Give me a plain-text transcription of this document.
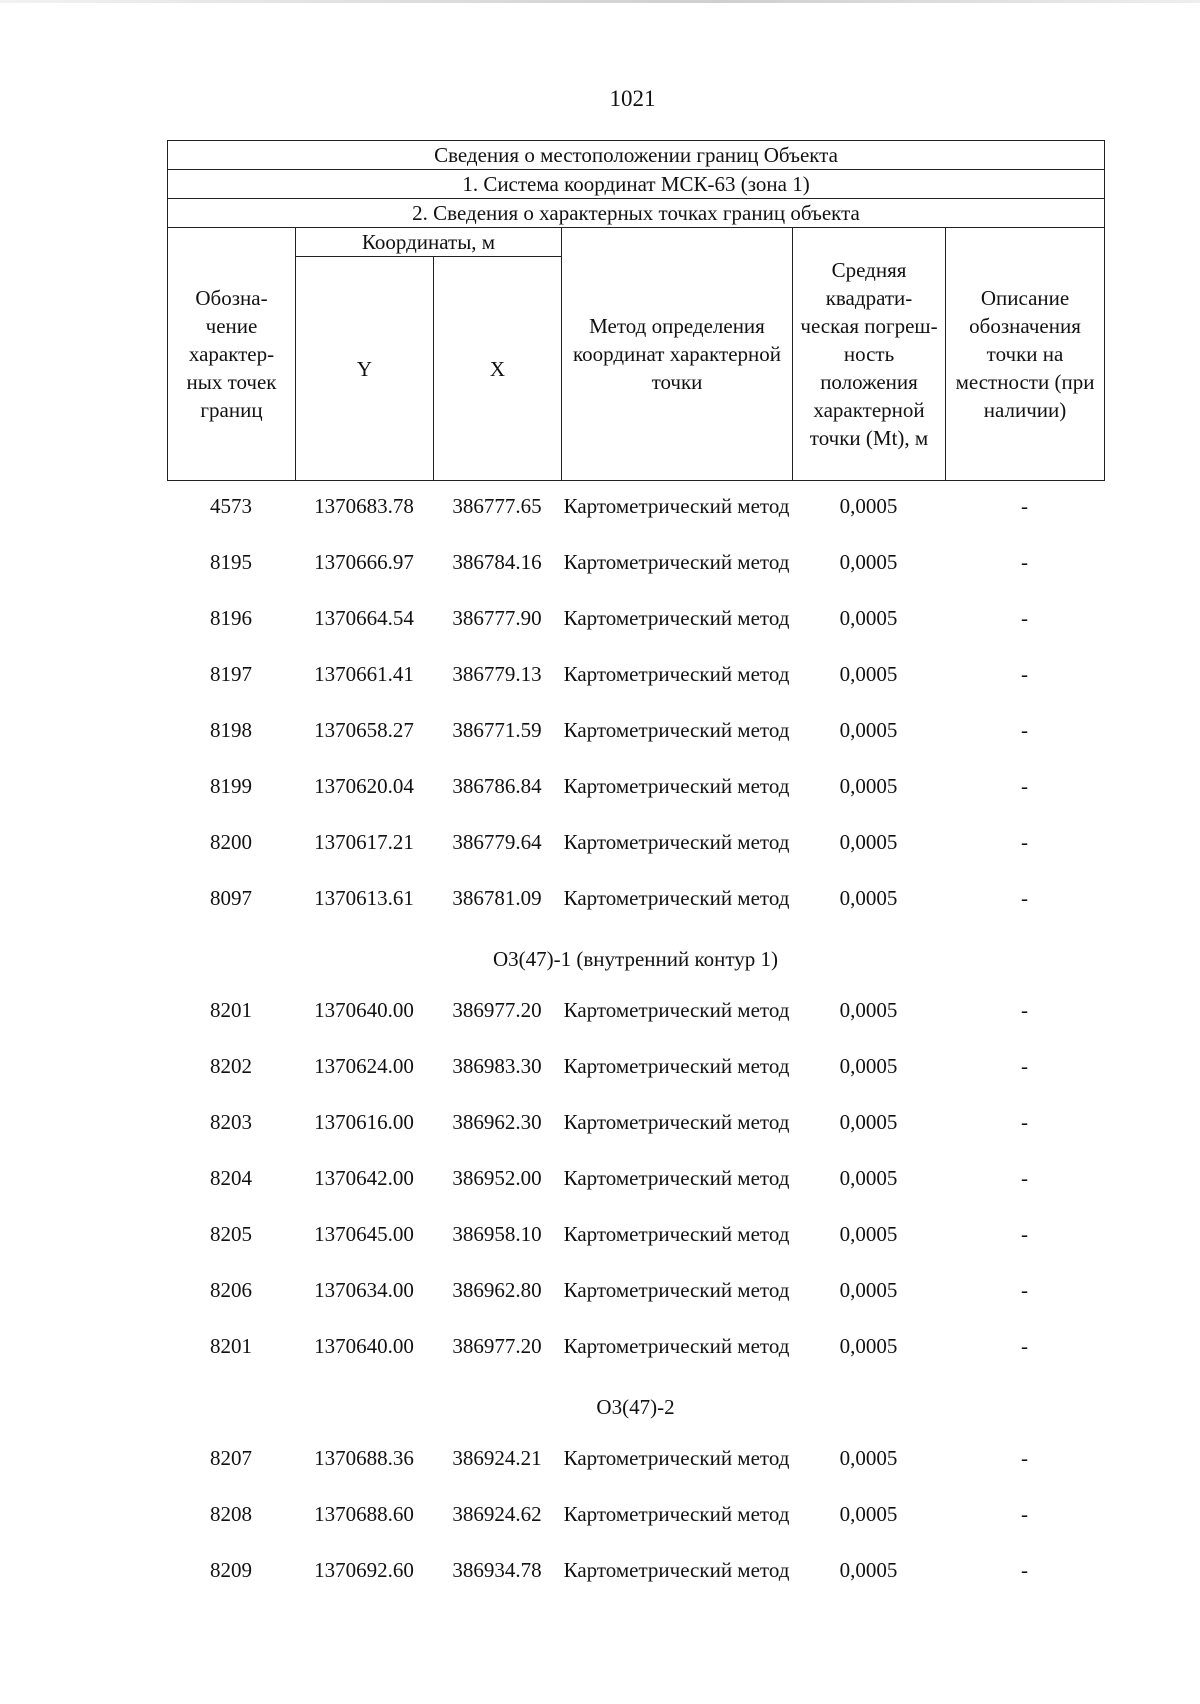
1021
Сведения о местоположении границ Объекта					
1. Система координат МСК-63 (зона 1)					
2. Сведения о характерных точках границ объекта					
Обозна- чение характер- ных точек границ	Координаты, м		Метод определения координат характерной точки	Средняя квадрати- ческая погреш- ность положения характерной точки (Mt), м	Описание обозначения точки на местности (при наличии)
	Y	X			
4573	1370683.78	386777.65	Картометрический метод	0,0005	-
8195	1370666.97	386784.16	Картометрический метод	0,0005	-
8196	1370664.54	386777.90	Картометрический метод	0,0005	-
8197	1370661.41	386779.13	Картометрический метод	0,0005	-
8198	1370658.27	386771.59	Картометрический метод	0,0005	-
8199	1370620.04	386786.84	Картометрический метод	0,0005	-
8200	1370617.21	386779.64	Картометрический метод	0,0005	-
8097	1370613.61	386781.09	Картометрический метод	0,0005	-
О3(47)-1 (внутренний контур 1)
8201	1370640.00	386977.20	Картометрический метод	0,0005	-
8202	1370624.00	386983.30	Картометрический метод	0,0005	-
8203	1370616.00	386962.30	Картометрический метод	0,0005	-
8204	1370642.00	386952.00	Картометрический метод	0,0005	-
8205	1370645.00	386958.10	Картометрический метод	0,0005	-
8206	1370634.00	386962.80	Картометрический метод	0,0005	-
8201	1370640.00	386977.20	Картометрический метод	0,0005	-
О3(47)-2
8207	1370688.36	386924.21	Картометрический метод	0,0005	-
8208	1370688.60	386924.62	Картометрический метод	0,0005	-
8209	1370692.60	386934.78	Картометрический метод	0,0005	-
